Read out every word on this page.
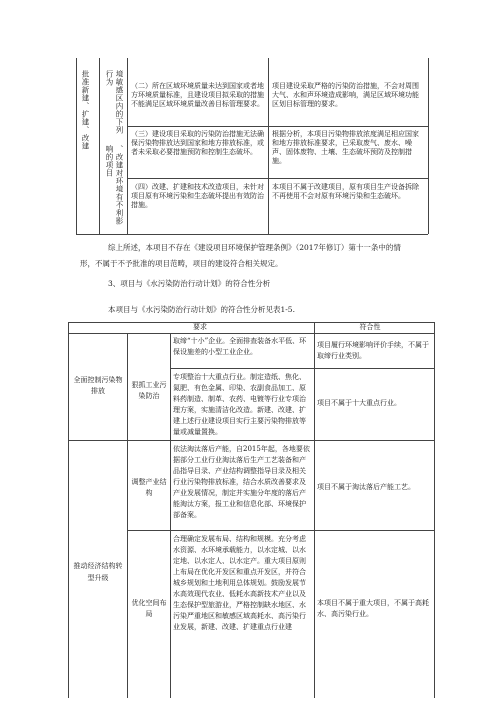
批准新建、扩建、改建	境敏感区内的下列行为
、改建对环境有不利影响的项目
（二）所在区域环境质量未达到国家或者地方环境质量标准，且建设项目拟采取的措施不能满足区域环境质量改善目标管理要求。
项目建设采取严格的污染防治措施，不会对周围大气、水和声环境造成影响，满足区域环境功能区划目标管理的要求。
（三）建设项目采取的污染防治措施无法确保污染物排放达到国家和地方排放标准，或者未采取必要措施预防和控制生态破坏。
根据分析，本项目污染物排放浓度满足相应国家和地方排放标准要求，已采取废气、废水、噪声、固体废物、土壤、生态破坏预防及控制措施。
（四）改建、扩建和技术改造项目，未针对项目原有环境污染和生态破坏提出有效防治措施。
本项目不属于改建项目，原有项目生产设备拆除不再使用不会对原有环境污染和生态破坏。
综上所述，本项目不存在《建设项目环境保护管理条例》（2017年修订）第十一条中的情
形，不属于不予批准的项目范畴，项目的建设符合相关规定。
3、项目与《水污染防治行动计划》的符合性分析
本项目与《水污染防治行动计划》的符合性分析见表1-5.
要求	符合性
全面控制污染物排放
狠抓工业污染防治
取缔“十小”企业。全面排查装备水平低、环保设施差的小型工业企业。
项目履行环境影响评价手续，不属于取缔行业类别。
专项整治十大重点行业。制定造纸、焦化、氮肥、有色金属、印染、农副食品加工、原料药制造、制革、农药、电镀等行业专项治理方案，实施清洁化改造。新建、改建、扩建上述行业建设项目实行主要污染物排放等量或减量置换。
项目不属于十大重点行业。
推动经济结构转型升级
调整产业结构
依法淘汰落后产能，自2015年起，各地要依据部分工业行业淘汰落后生产工艺装备和产品指导目录、产业结构调整指导目录及相关行业污染物排放标准，结合水质改善要求及产业发展情况，制定并实施分年度的落后产能淘汰方案，报工业和信息化部、环境保护部备案。
项目不属于淘汰落后产能工艺。
优化空间布局
合理确定发展布局、结构和规模。充分考虑水资源、水环境承载能力，以水定城、以水定地、以水定人、以水定产。重大项目原则上布局在优化开发区和重点开发区，并符合城乡规划和土地利用总体规划。鼓励发展节水高效现代农业、低耗水高新技术产业以及生态保护型旅游业，严格控制缺水地区、水污染严重地区和敏感区域高耗水、高污染行业发展，新建、改建、扩建重点行业建
本项目不属于重大项目，不属于高耗水、高污染行业。
